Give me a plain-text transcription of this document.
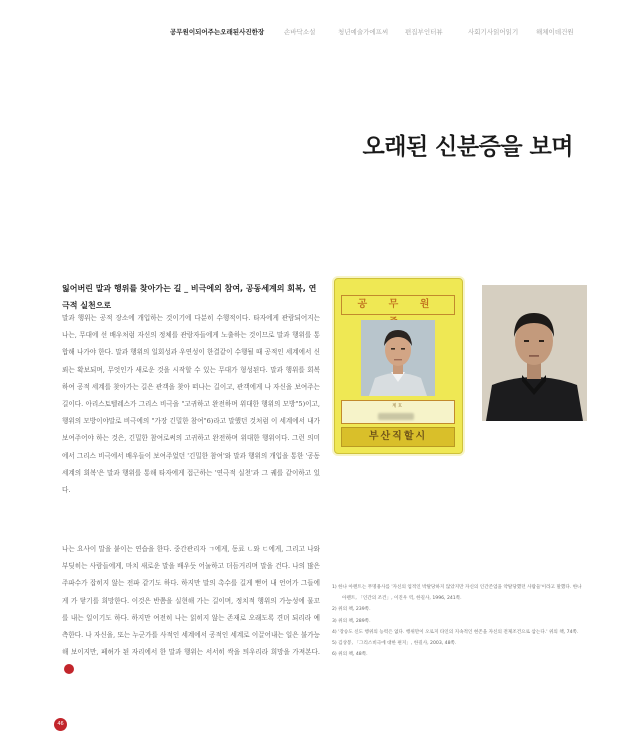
공무원이되어주는오래된사진한장	손바닥소설	청년예술가에프씨	편집부인터뷰	사회기사읽어읽기	해체이데건원
오래된 신분증을 보며
잃어버린 말과 행위를 찾아가는 길 _ 비극에의 참여, 공동세계의 회복, 연극적 실천으로
말과 행위는 공적 장소에 개입하는 것이기에 다분히 수행적이다. 타자에게 관람되어지는 나는, 무대에 선 배우처럼 자신의 정체를 관람자들에게 노출하는 것이므로 말과 행위를 통합해 나가야 한다. 말과 행위의 일회성과 우연성이 한결같이 수행될 때 공적인 세계에서 신뢰는 확보되며, 무엇인가 새로운 것을 시작할 수 있는 무대가 형성된다. 말과 행위를 회복하여 공적 세계를 찾아가는 길은 관객을 찾아 떠나는 길이고, 관객에게 나 자신을 보여주는 길이다. 아리스토텔레스가 그리스 비극을 "고귀하고 완전하며 위대한 행위의 모방"5)이고, 행위의 모방이야말로 비극에의 "가장 긴밀한 참여"6)라고 말했던 것처럼 이 세계에서 내가 보여주어야 하는 것은, 긴밀한 참여로써의 고귀하고 완전하며 위대한 행위이다. 그런 의미에서 그리스 비극에서 배우들이 보여주었던 '긴밀한 참여'와 말과 행위의 개입을 통한 '공동세계의 회복'은 말과 행위를 통해 타자에게 접근하는 '연극적 실천'과 그 궤를 같이하고 있다.
나는 요사이 말을 붙이는 연습을 한다. 중간관리자 ㄱ에게, 동료 ㄴ와 ㄷ에게, 그리고 나와 부딪히는 사람들에게, 마치 새로운 말을 배우듯 어눌하고 더듬거리며 말을 건다. 나의 많은 주파수가 잡히지 않는 전파 같기도 하다. 하지만 말의 촉수를 길게 뻗어 내 언어가 그들에게 가 닿기를 희망한다. 이것은 반쯤을 실현해 가는 길이며, 정치적 행위의 가능성에 물꼬를 내는 일이기도 하다. 하지만 여전히 나는 읽히지 않는 존재로 오래도록 견뎌 되리라 예측한다. 나 자신을, 또는 누군가를 사적인 세계에서 공적인 세계로 이끌어내는 일은 불가능해 보이지만, 페허가 된 자리에서 한 말과 행위는 서서히 싹을 틔우리라 희망을 가져본다.
공 무 원
계 호
부산직할시
1) 한나 아렌트는 무명용사를 '자신의 업적인 박탈당하지 않았지만 자신의 인간존엄을 약탈당했던 사람들'이라고 말했다. 한나 아렌트, 「인간의 조건」, 이진우 역, 한길사, 1996, 241쪽.
2) 위의 책, 239쪽.
3) 위의 책, 289쪽.
4) '장승도 신도 행위의 능력은 없다. 행위만이 오로지 타인의 지속적인 현존을 자신의 전제조건으로 삼는다.' 위의 책, 74쪽.
5) 김상봉, 「그리스비극에 대한 편지」, 한길사, 2003, 48쪽.
6) 위의 책, 48쪽.
46
